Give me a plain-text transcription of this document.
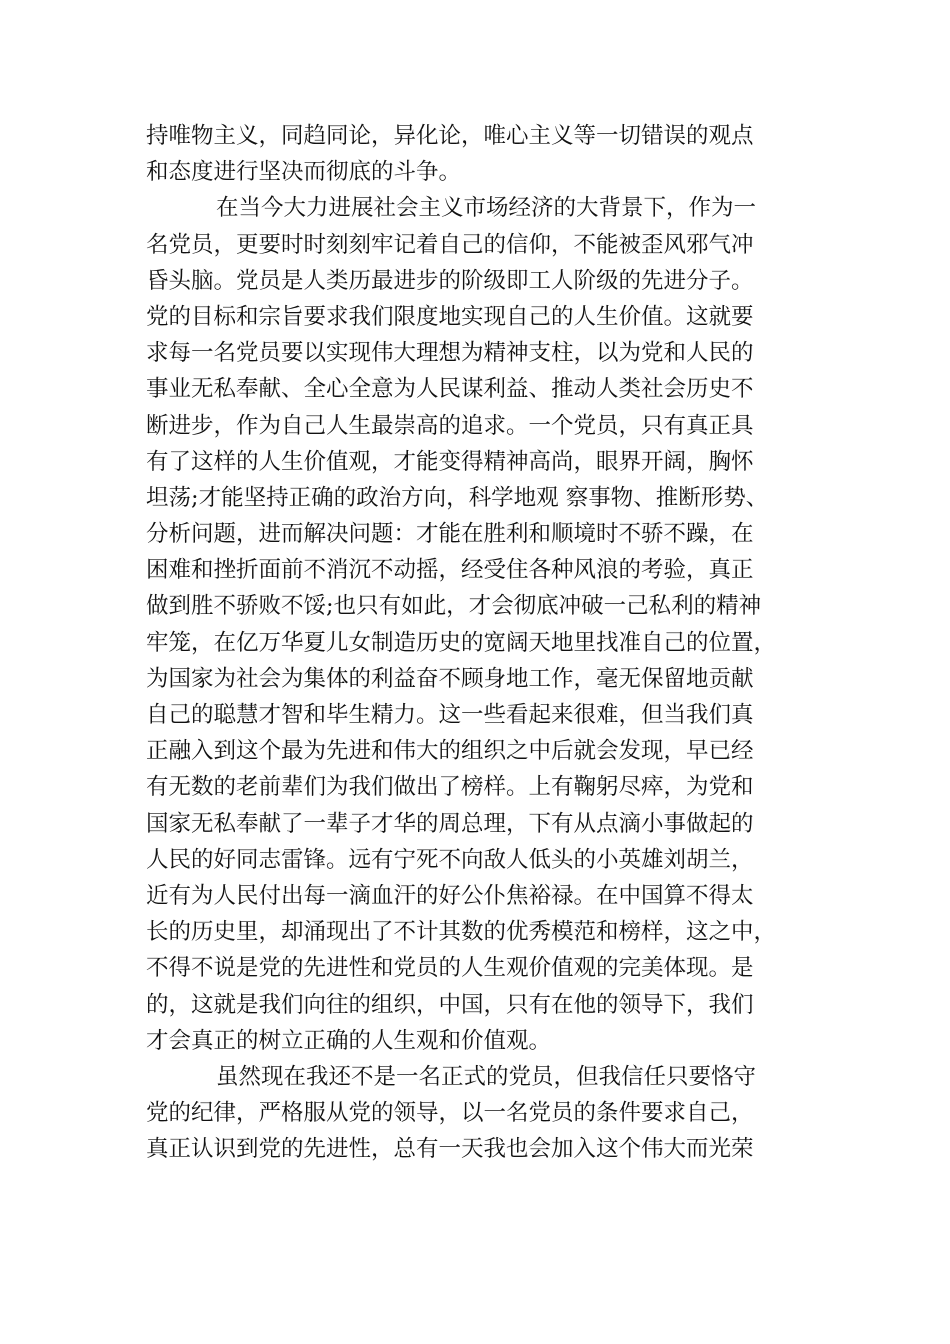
持唯物主义，同趋同论，异化论，唯心主义等一切错误的观点
和态度进行坚决而彻底的斗争。
在当今大力进展社会主义市场经济的大背景下，作为一
名党员，更要时时刻刻牢记着自己的信仰，不能被歪风邪气冲
昏头脑。党员是人类历最进步的阶级即工人阶级的先进分子。
党的目标和宗旨要求我们限度地实现自己的人生价值。这就要
求每一名党员要以实现伟大理想为精神支柱，以为党和人民的
事业无私奉献、全心全意为人民谋利益、推动人类社会历史不
断进步，作为自己人生最崇高的追求。一个党员，只有真正具
有了这样的人生价值观，才能变得精神高尚，眼界开阔，胸怀
坦荡;才能坚持正确的政治方向，科学地观 察事物、推断形势、
分析问题，进而解决问题：才能在胜利和顺境时不骄不躁，在
困难和挫折面前不消沉不动摇，经受住各种风浪的考验，真正
做到胜不骄败不馁;也只有如此，才会彻底冲破一己私利的精神
牢笼，在亿万华夏儿女制造历史的宽阔天地里找准自己的位置，
为国家为社会为集体的利益奋不顾身地工作，毫无保留地贡献
自己的聪慧才智和毕生精力。这一些看起来很难，但当我们真
正融入到这个最为先进和伟大的组织之中后就会发现，早已经
有无数的老前辈们为我们做出了榜样。上有鞠躬尽瘁，为党和
国家无私奉献了一辈子才华的周总理，下有从点滴小事做起的
人民的好同志雷锋。远有宁死不向敌人低头的小英雄刘胡兰，
近有为人民付出每一滴血汗的好公仆焦裕禄。在中国算不得太
长的历史里，却涌现出了不计其数的优秀模范和榜样，这之中，
不得不说是党的先进性和党员的人生观价值观的完美体现。是
的，这就是我们向往的组织，中国，只有在他的领导下，我们
才会真正的树立正确的人生观和价值观。
虽然现在我还不是一名正式的党员，但我信任只要恪守
党的纪律，严格服从党的领导，以一名党员的条件要求自己，
真正认识到党的先进性，总有一天我也会加入这个伟大而光荣
